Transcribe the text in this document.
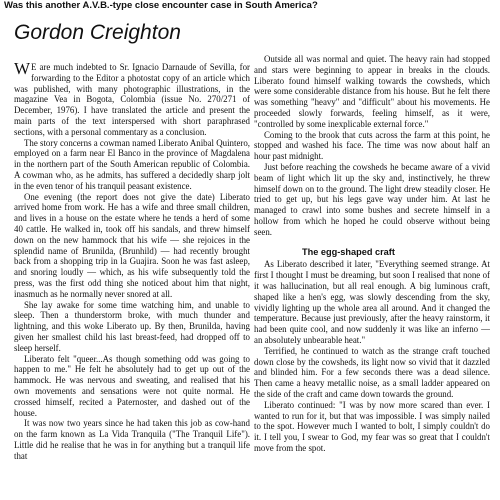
Was this another A.V.B.-type close encounter case in South America?
Gordon Creighton

W E are much indebted to Sr. Ignacio Darnaude of Sevilla, for forwarding to the Editor a photostat copy of an article which was published, with many photographic illustrations, in the magazine Vea in Bogota, Colombia (issue No. 270/271 of December, 1976). I have translated the article and present the main parts of the text interspersed with short paraphrased sections, with a personal commentary as a conclusion.

The story concerns a cowman named Liberato Anibal Quintero, employed on a farm near El Banco in the province of Magdalena in the northern part of the South American republic of Colombia. A cowman who, as he admits, has suffered a decidedly sharp jolt in the even tenor of his tranquil peasant existence.

One evening (the report does not give the date) Liberato arrived home from work. He has a wife and three small children, and lives in a house on the estate where he tends a herd of some 40 cattle. He walked in, took off his sandals, and threw himself down on the new hammock that his wife — she rejoices in the splendid name of Brunilda, (Brunhild) — had recently brought back from a shopping trip in la Guajira. Soon he was fast asleep, and snoring loudly — which, as his wife subsequently told the press, was the first odd thing she noticed about him that night, inasmuch as he normally never snored at all.

She lay awake for some time watching him, and unable to sleep. Then a thunderstorm broke, with much thunder and lightning, and this woke Liberato up. By then, Brunilda, having given her smallest child his last breast-feed, had dropped off to sleep herself.

Liberato felt "queer...As though something odd was going to happen to me." He felt he absolutely had to get up out of the hammock. He was nervous and sweating, and realised that his own movements and sensations were not quite normal. He crossed himself, recited a Paternoster, and dashed out of the house.

It was now two years since he had taken this job as cow-hand on the farm known as La Vida Tranquila ("The Tranquil Life"). Little did he realise that he was in for anything but a tranquil life that

Outside all was normal and quiet. The heavy rain had stopped and stars were beginning to appear in breaks in the clouds. Liberato found himself walking towards the cowsheds, which were some considerable distance from his house. But he felt there was something "heavy" and "difficult" about his movements. He proceeded slowly forwards, feeling himself, as it were, "controlled by some inexplicable external force."

Coming to the brook that cuts across the farm at this point, he stopped and washed his face. The time was now about half an hour past midnight.

Just before reaching the cowsheds he became aware of a vivid beam of light which lit up the sky and, instinctively, he threw himself down on to the ground. The light drew steadily closer. He tried to get up, but his legs gave way under him. At last he managed to crawl into some bushes and secrete himself in a hollow from which he hoped he could observe without being seen.

The egg-shaped craft

As Liberato described it later, "Everything seemed strange. At first I thought I must be dreaming, but soon I realised that none of it was hallucination, but all real enough. A big luminous craft, shaped like a hen's egg, was slowly descending from the sky, vividly lighting up the whole area all around. And it changed the temperature. Because just previously, after the heavy rainstorm, it had been quite cool, and now suddenly it was like an inferno — an absolutely unbearable heat."

Terrified, he continued to watch as the strange craft touched down close by the cowsheds, its light now so vivid that it dazzled and blinded him. For a few seconds there was a dead silence. Then came a heavy metallic noise, as a small ladder appeared on the side of the craft and came down towards the ground.

Liberato continued: "I was by now more scared than ever. I wanted to run for it, but that was impossible. I was simply nailed to the spot. However much I wanted to bolt, I simply couldn't do it. I tell you, I swear to God, my fear was so great that I couldn't move from the spot.
